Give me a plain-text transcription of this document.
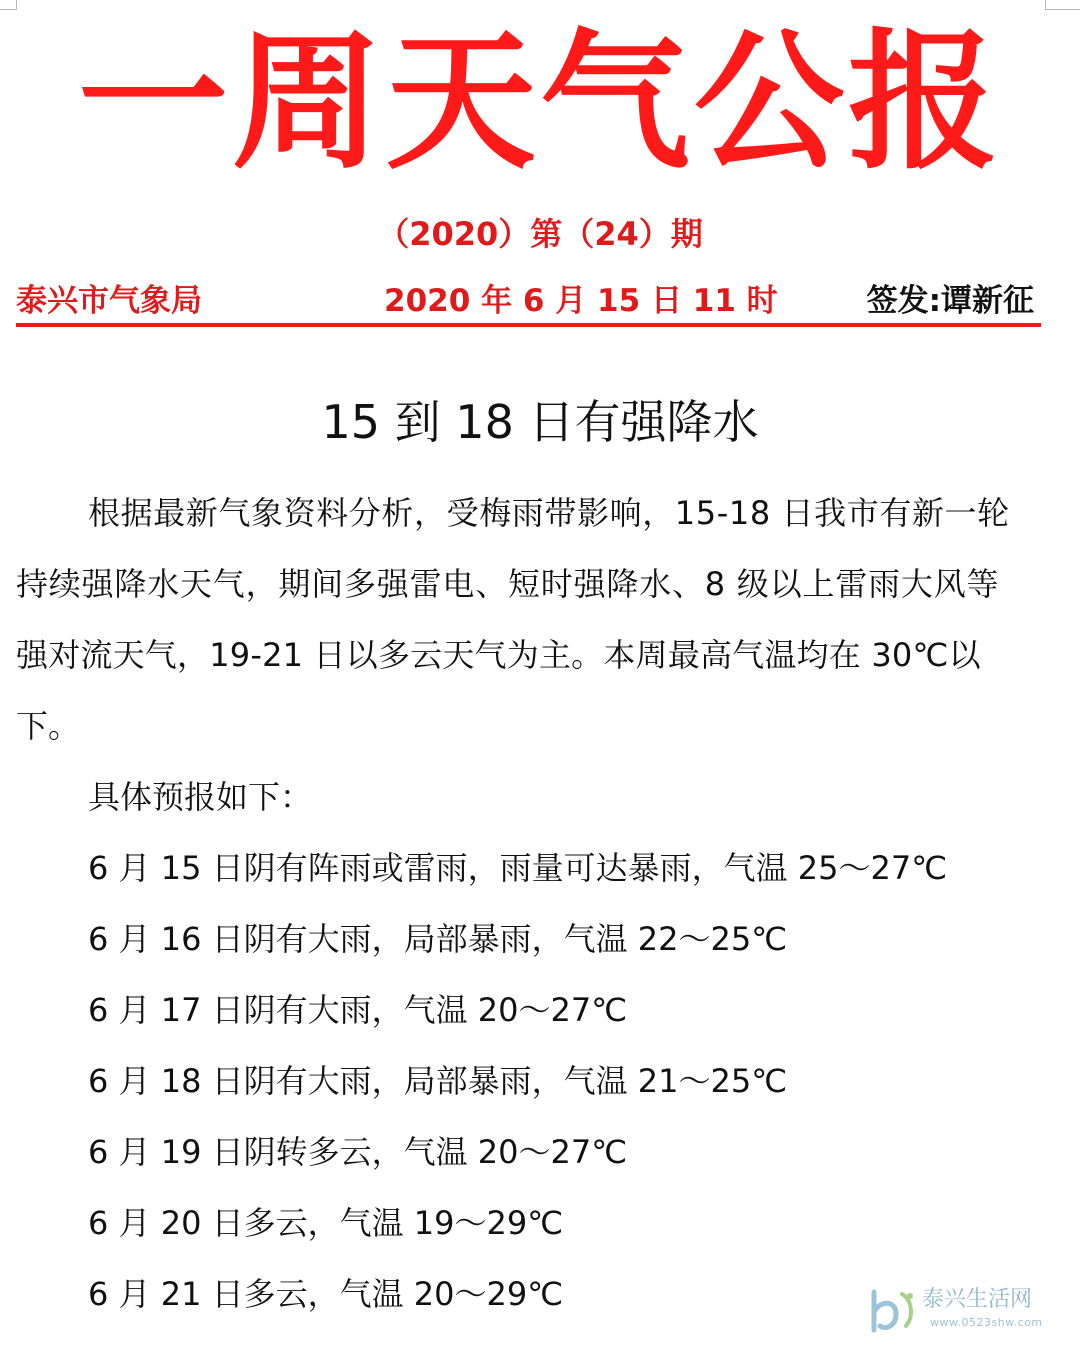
一周天气公报
（2020）第（24）期
泰兴市气象局	2020 年 6 月 15 日 11 时	签发:谭新征
15 到 18 日有强降水
根据最新气象资料分析，受梅雨带影响，15-18 日我市有新一轮
持续强降水天气，期间多强雷电、短时强降水、8 级以上雷雨大风等
强对流天气，19-21 日以多云天气为主。本周最高气温均在 30℃以
下。
具体预报如下：
6 月 15 日阴有阵雨或雷雨，雨量可达暴雨，气温 25～27℃
6 月 16 日阴有大雨，局部暴雨，气温 22～25℃
6 月 17 日阴有大雨，气温 20～27℃
6 月 18 日阴有大雨，局部暴雨，气温 21～25℃
6 月 19 日阴转多云，气温 20～27℃
6 月 20 日多云，气温 19～29℃
6 月 21 日多云，气温 20～29℃	泰兴生活网
www.0523shw.com
